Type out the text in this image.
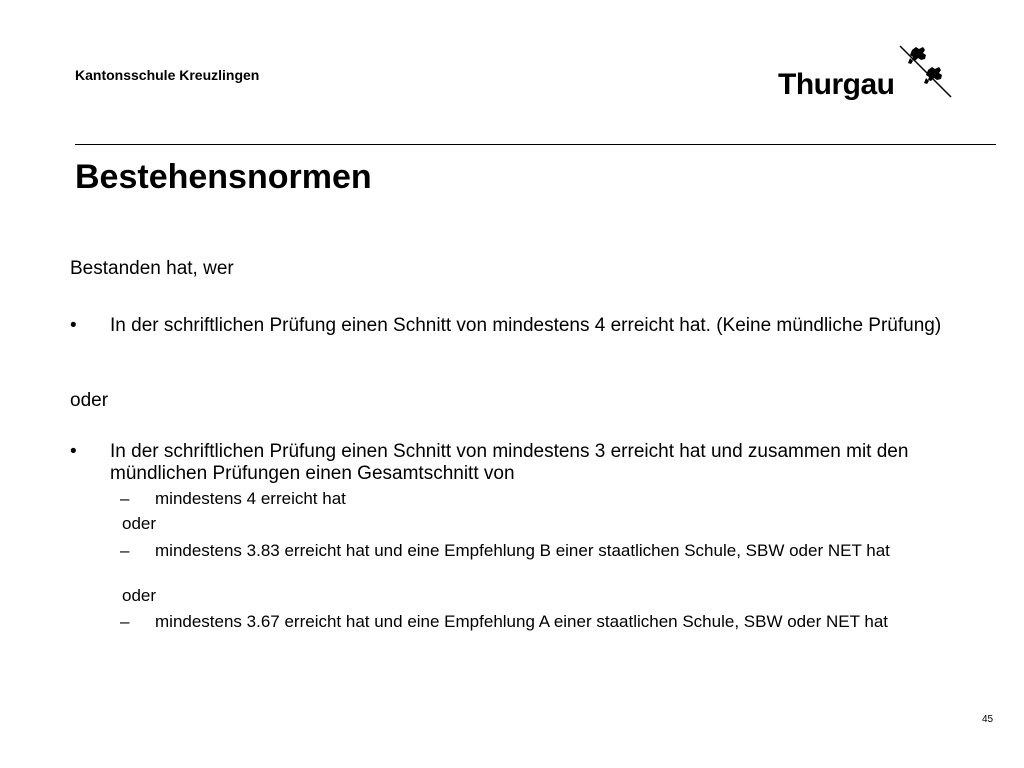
Kantonsschule Kreuzlingen	Thurgau
Bestehensnormen
Bestanden hat, wer
• In der schriftlichen Prüfung einen Schnitt von mindestens 4 erreicht hat. (Keine mündliche Prüfung)
oder
• In der schriftlichen Prüfung einen Schnitt von mindestens 3 erreicht hat und zusammen mit den mündlichen Prüfungen einen Gesamtschnitt von
– mindestens 4 erreicht hat
oder
– mindestens 3.83 erreicht hat und eine Empfehlung B einer staatlichen Schule, SBW oder NET hat
oder
– mindestens 3.67 erreicht hat und eine Empfehlung A einer staatlichen Schule, SBW oder NET hat
45
